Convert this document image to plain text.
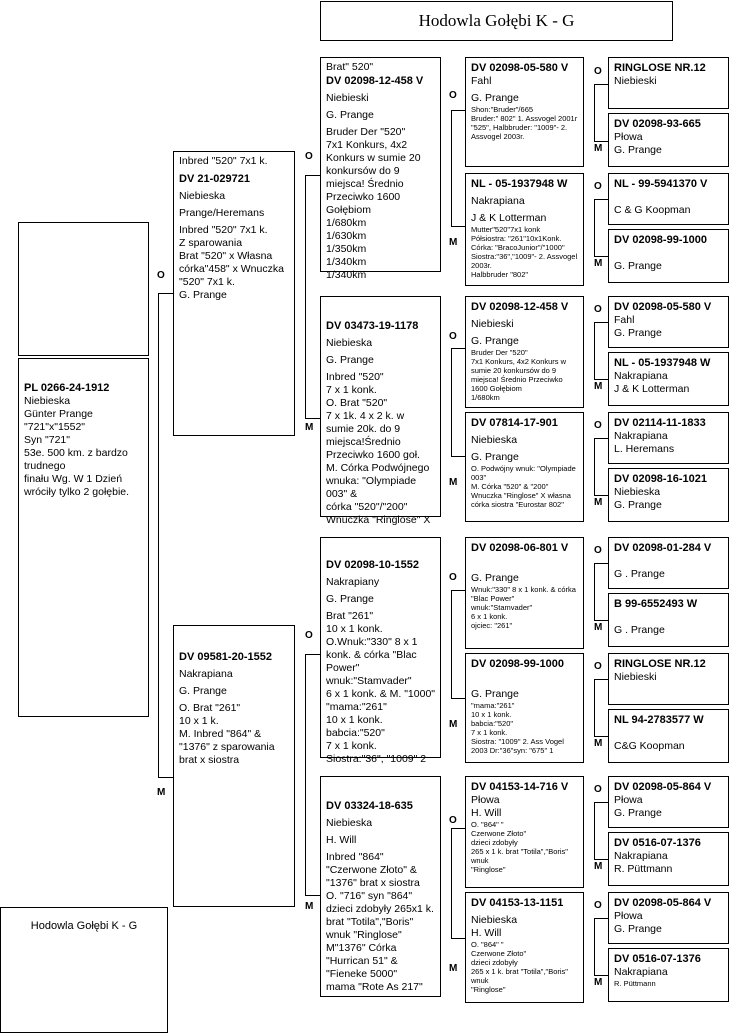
Hodowla Gołębi K - G
PL 0266-24-1912
Niebieska
Günter Prange
"721"x"1552"
Syn "721"
53e. 500 km. z bardzo trudnego
finału Wg. W 1 Dzień wróciły tylko 2 gołębie.
Hodowla Gołębi K - G
O
M
Inbred "520" 7x1 k.
DV 21-029721
Niebieska
Prange/Heremans
Inbred "520" 7x1 k.
Z sparowania
Brat "520" x Własna córka"458" x Wnuczka "520" 7x1 k.
G. Prange
DV 09581-20-1552
Nakrapiana
G. Prange
O. Brat "261"
10 x 1 k.
M. Inbred "864" & "1376" z sparowania brat x siostra
O
M
O
M
Brat" 520"
DV 02098-12-458 V
Niebieski
G. Prange
Bruder Der "520"
7x1 Konkurs, 4x2 Konkurs w sumie 20 konkursów do 9 miejsca! Średnio Przeciwko 1600 Gołębiom
1/680km
1/630km
1/350km
1/340km
1/340km
DV 03473-19-1178
Niebieska
G. Prange
Inbred "520"
7 x 1 konk.
O. Brat "520"
7 x 1k. 4 x 2 k. w sumie 20k. do 9 miejsca!Średnio Przeciwko 1600 goł.
M. Córka Podwójnego wnuka: "Olympiade 003" &
córka "520"/"200"
Wnuczka "Ringlose" X
DV 02098-10-1552
Nakrapiany
G. Prange
Brat "261"
10 x 1 konk.
O.Wnuk:"330" 8 x 1 konk. & córka "Blac Power"
wnuk:"Stamvader"
6 x 1 konk. & M. "1000" "mama:"261"
10 x 1 konk.
babcia:"520"
7 x 1 konk.
Siostra:"36", "1009" 2
DV 03324-18-635
Niebieska
H. Will
Inbred "864"
"Czerwone Złoto" & "1376" brat x siostra
O. "716" syn "864" dzieci zdobyły 265x1 k. brat "Totila","Boris" wnuk "Ringlose"
M"1376" Córka "Hurrican 51" & "Fieneke 5000"
mama "Rote As 217"
O
M
O
M
O
M
O
M
DV 02098-05-580 V
Fahl
G. Prange
Shon:"Bruder"/665
Bruder:" 802" 1. Assvogel 2001r
"525", Halbbruder: "1009"- 2. Assvogel 2003r.
NL - 05-1937948 W
Nakrapiana
J & K Lotterman
Mutter"520"7x1 konk
Półsiostra: "261"10x1Konk.
Córka: "BracoJunior"/"1000"
Siostra:"36","1009"- 2. Assvogel 2003r.
Halbbruder "802"
DV 02098-12-458 V
Niebieski
G. Prange
Bruder Der "520"
7x1 Konkurs, 4x2 Konkurs w sumie 20 konkursów do 9 miejsca! Średnio Przeciwko 1600 Gołębiom
1/680km
DV 07814-17-901
Niebieska
G. Prange
O. Podwójny wnuk: "Olympiade 003"
M. Córka "520" & "200" Wnuczka "Ringlose" X własna
córka siostra "Eurostar 802"
DV 02098-06-801 V
G. Prange
Wnuk:"330" 8 x 1 konk. & córka
"Blac Power"
wnuk:"Stamvader"
6 x 1 konk.
ojciec: "261"
DV 02098-99-1000
G. Prange
"mama:"261"
10 x 1 konk.
babcia:"520"
7 x 1 konk.
Siostra: "1009" 2. Ass Vogel 2003 Dr:"36"syn: "675" 1
DV 04153-14-716 V
Płowa
H. Will
O. "864" "
Czerwone Złoto"
dzieci zdobyły
265 x 1 k. brat "Totila","Boris" wnuk
"Ringlose"
DV 04153-13-1151
Niebieska
H. Will
O. "864" "
Czerwone Złoto"
dzieci zdobyły
265 x 1 k. brat "Totila","Boris" wnuk
"Ringlose"
O
M
O
M
O
M
O
M
O
M
O
M
O
M
O
M
RINGLOSE NR.12
Niebieski
DV 02098-93-665
Płowa
G. Prange
NL - 99-5941370 V
C & G Koopman
DV 02098-99-1000
G. Prange
DV 02098-05-580 V
Fahl
G. Prange
NL - 05-1937948 W
Nakrapiana
J & K Lotterman
DV 02114-11-1833
Nakrapiana
L. Heremans
DV 02098-16-1021
Niebieska
G. Prange
DV 02098-01-284 V
G . Prange
B 99-6552493 W
G . Prange
RINGLOSE NR.12
Niebieski
NL 94-2783577 W
C&G Koopman
DV 02098-05-864 V
Płowa
G. Prange
DV 0516-07-1376
Nakrapiana
R. Püttmann
DV 02098-05-864 V
Płowa
G. Prange
DV 0516-07-1376
Nakrapiana
R. Püttmann
